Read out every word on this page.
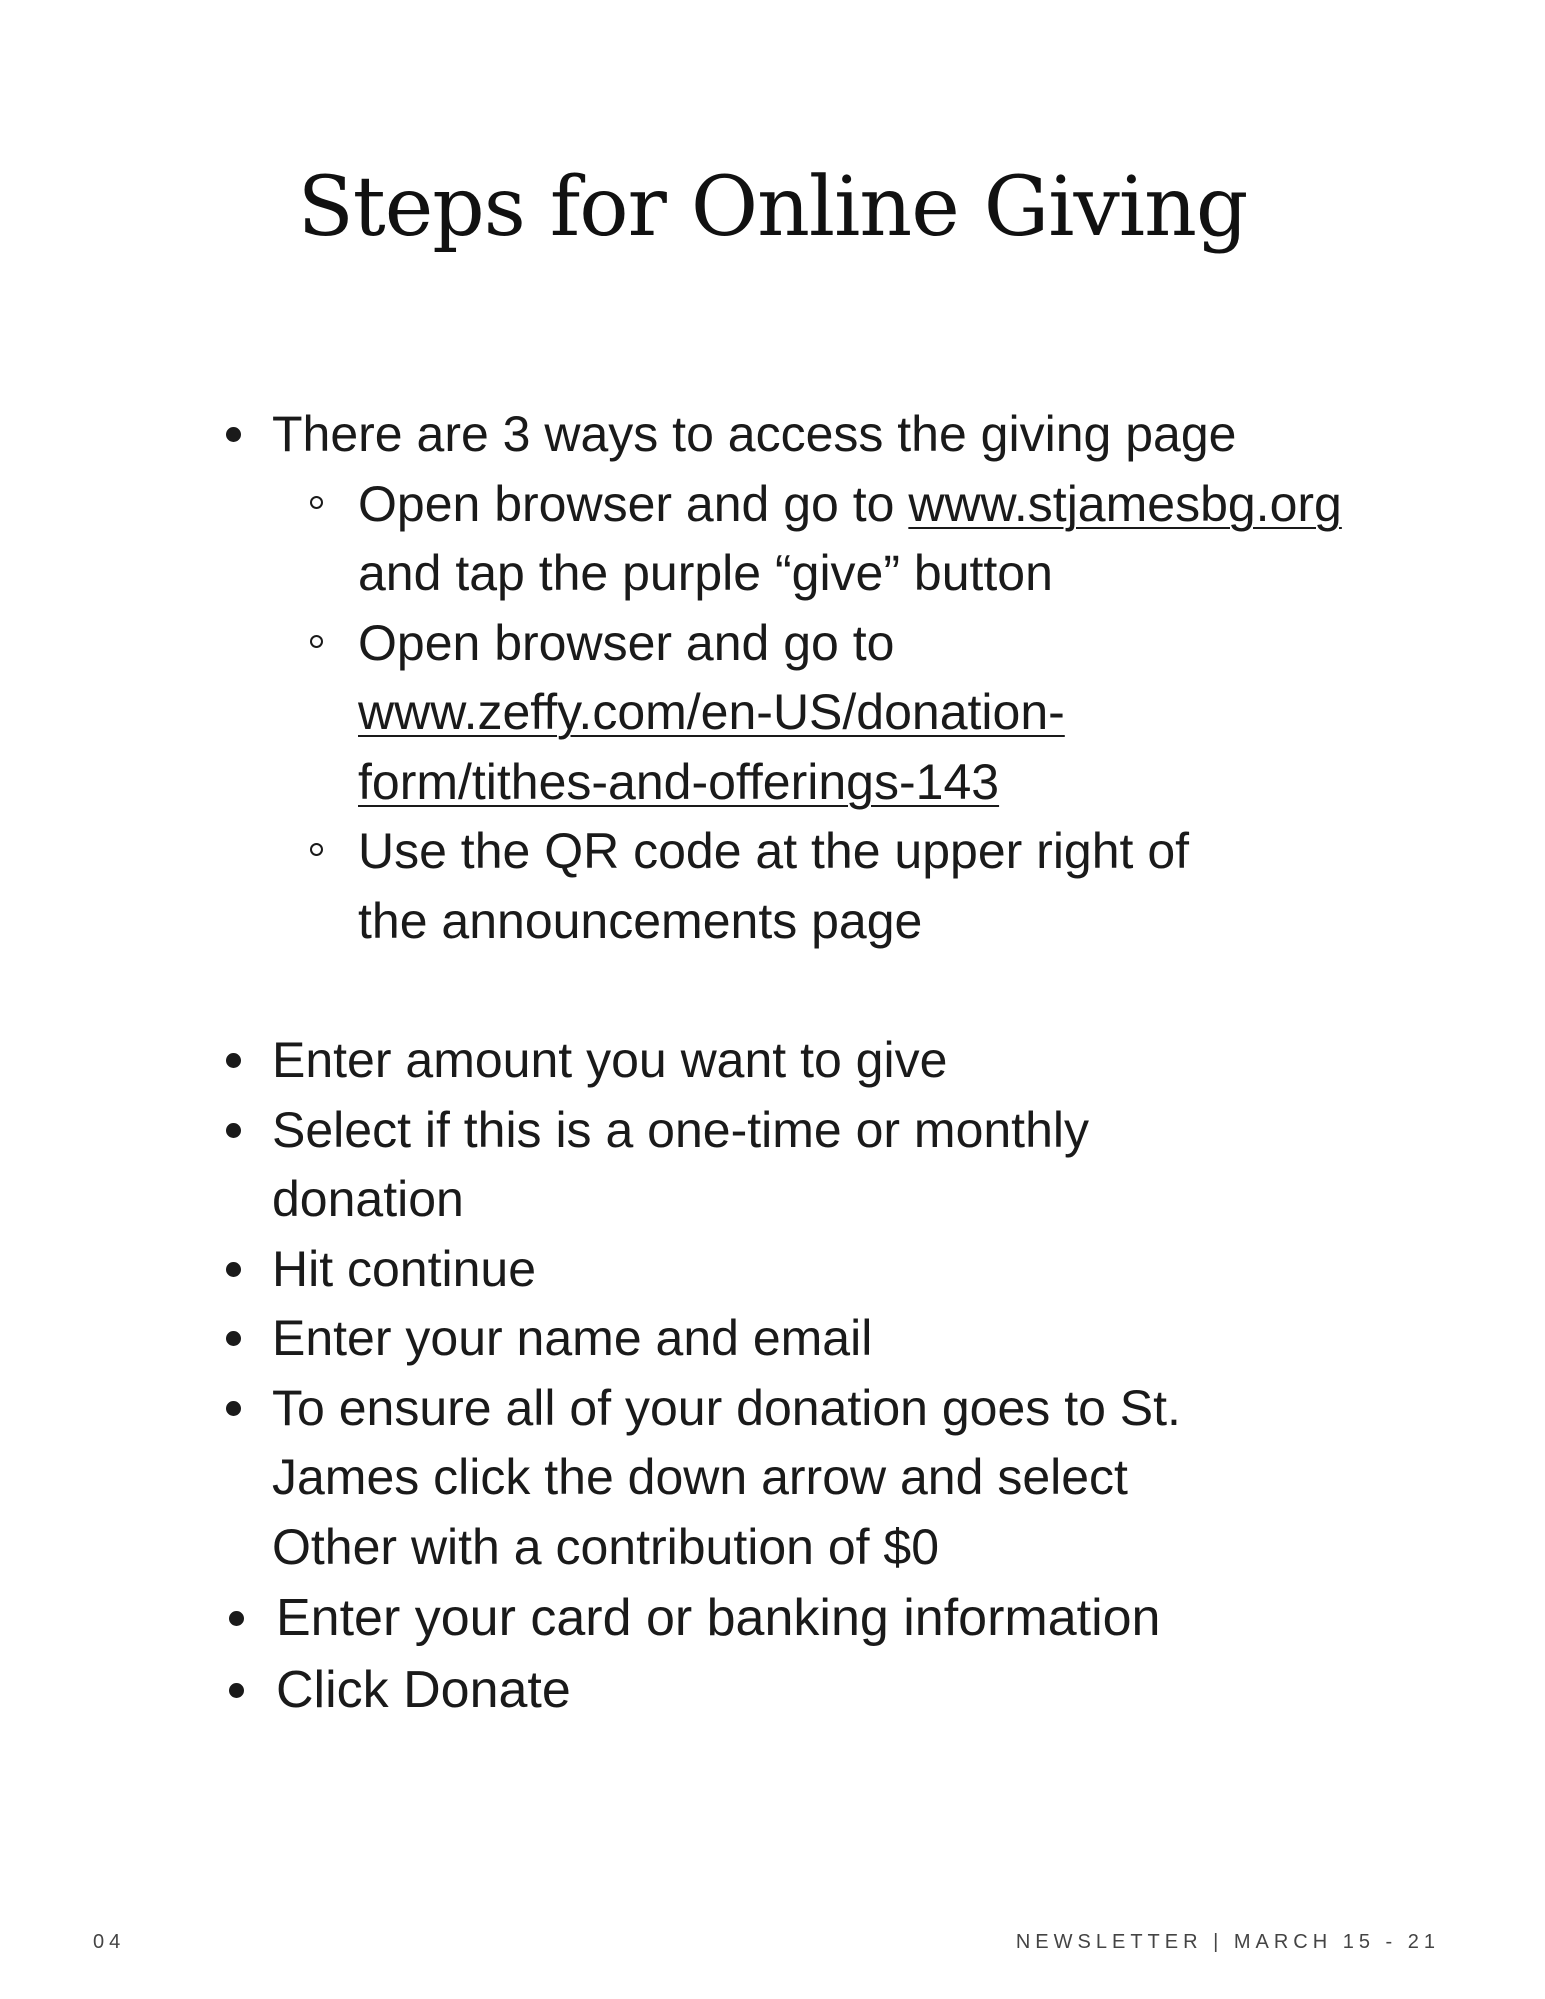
Steps for Online Giving
There are 3 ways to access the giving page
Open browser and go to www.stjamesbg.org and tap the purple “give” button
Open browser and go to
www.zeffy.com/en-US/donation-
form/tithes-and-offerings-143
Use the QR code at the upper right of
the announcements page
Enter amount you want to give
Select if this is a one-time or monthly
donation
Hit continue
Enter your name and email
To ensure all of your donation goes to St.
James click the down arrow and select
Other with a contribution of $0
Enter your card or banking information
Click Donate
04	NEWSLETTER | MARCH 15 - 21
